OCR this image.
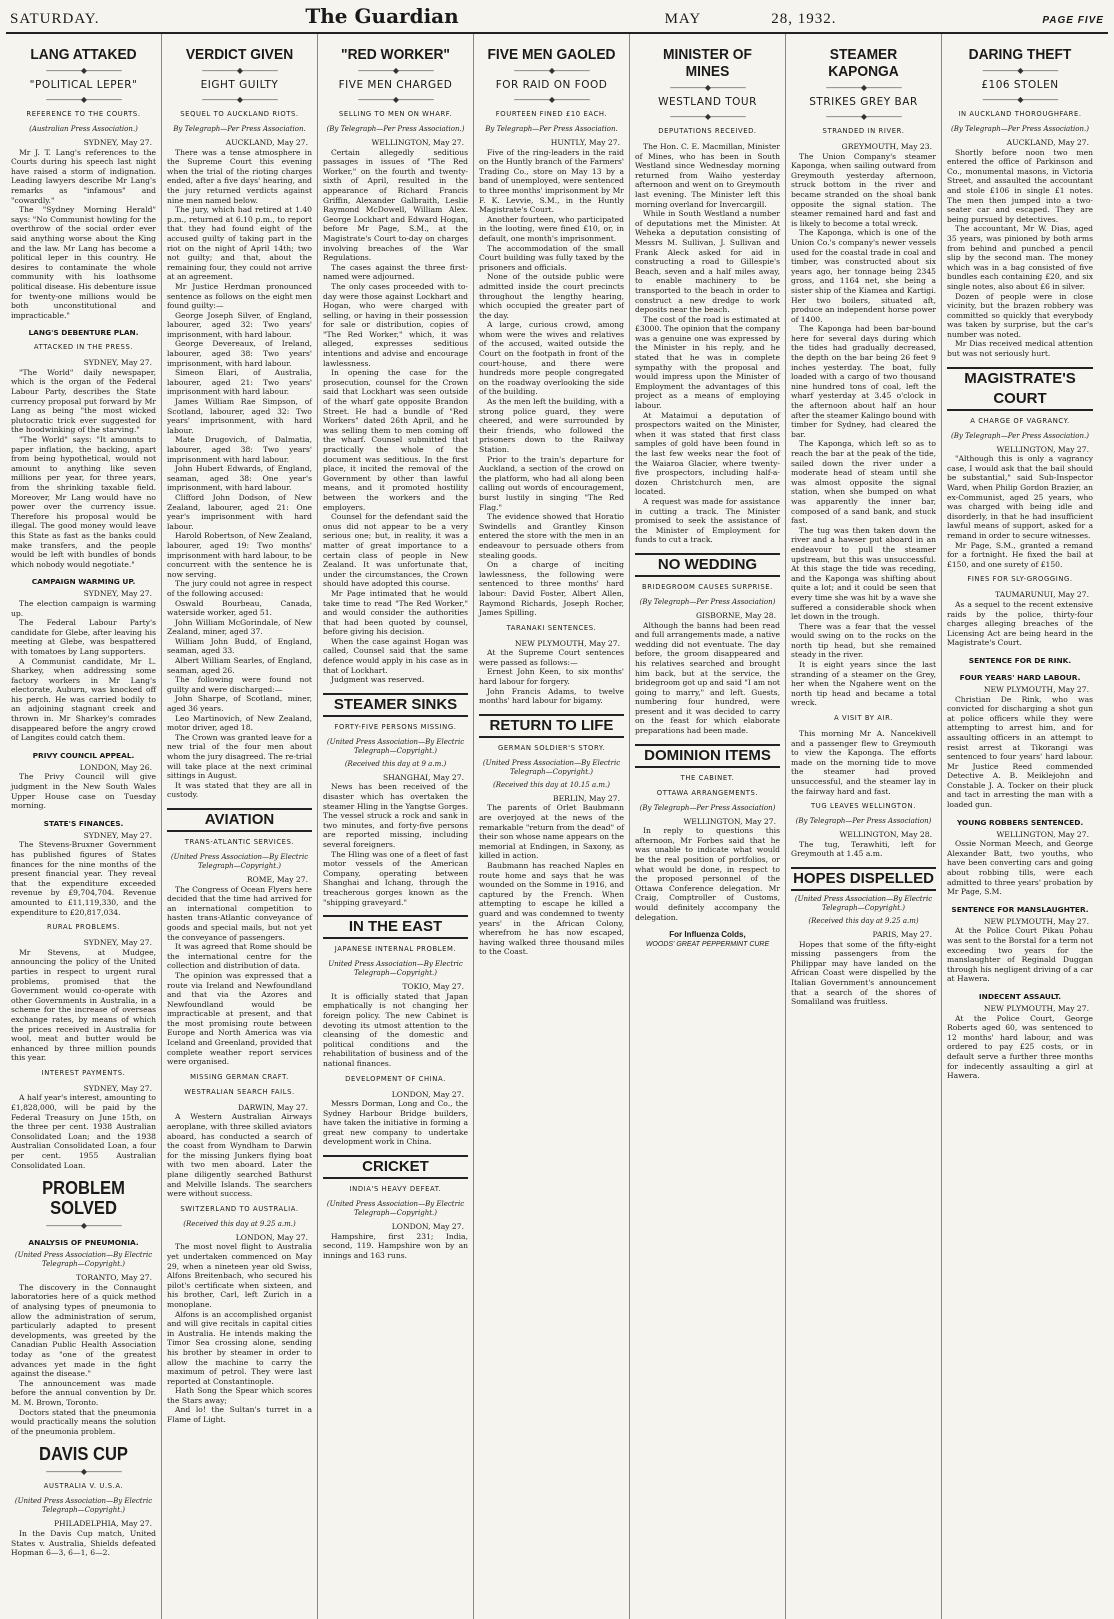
SATURDAY.	The Guardian	MAY	28, 1932.	PAGE FIVE
LANG ATTAKED
—————◆—————
"POLITICAL LEPER"
—————◆—————
REFERENCE TO THE COURTS.
(Australian Press Association.)
SYDNEY, May 27.
Mr J. T. Lang's references to the Courts during his speech last night have raised a storm of indignation. Leading lawyers describe Mr Lang's remarks as "infamous" and "cowardly."
The "Sydney Morning Herald" says: "No Communist howling for the overthrow of the social order ever said anything worse about the King and the law. Mr Lang has become a political leper in this country. He desires to contaminate the whole community with his loathsome political disease. His debenture issue for twenty-one millions would be both unconstitutional and impracticable."
LANG'S DEBENTURE PLAN.
ATTACKED IN THE PRESS.
SYDNEY, May 27.
"The World" daily newspaper, which is the organ of the Federal Labour Party, describes the State currency proposal put forward by Mr Lang as being "the most wicked plutocratic trick ever suggested for the hoodwinking of the starving."
"The World" says: "It amounts to paper inflation, the backing, apart from being hypothetical, would not amount to anything like seven millions per year, for three years, from the shrinking taxable field. Moreover, Mr Lang would have no power over the currency issue. Therefore his proposal would be illegal. The good money would leave this State as fast as the banks could make transfers, and the people would be left with bundles of bonds which nobody would negotiate."
CAMPAIGN WARMING UP.
SYDNEY, May 27.
The election campaign is warming up.
The Federal Labour Party's candidate for Glebe, after leaving his meeting at Glebe, was bespattered with tomatoes by Lang supporters.
A Communist candidate, Mr L. Sharkey, when addressing some factory workers in Mr Lang's electorate, Auburn, was knocked off his perch. He was carried bodily to an adjoining stagnant creek and thrown in. Mr Sharkey's comrades disappeared before the angry crowd of Langites could catch them.
PRIVY COUNCIL APPEAL.
LONDON, May 26.
The Privy Council will give judgment in the New South Wales Upper House case on Tuesday morning.
STATE'S FINANCES.
SYDNEY, May 27.
The Stevens-Bruxner Government has published figures of States finances for the nine months of the present financial year. They reveal that the expenditure exceeded revenue by £9,704,704. Revenue amounted to £11,119,330, and the expenditure to £20,817,034.
RURAL PROBLEMS.
SYDNEY, May 27.
Mr Stevens, at Mudgee, announcing the policy of the United parties in respect to urgent rural problems, promised that the Government would co-operate with other Governments in Australia, in a scheme for the increase of overseas exchange rates, by means of which the prices received in Australia for wool, meat and butter would be enhanced by three million pounds this year.
INTEREST PAYMENTS.
SYDNEY, May 27.
A half year's interest, amounting to £1,828,000, will be paid by the Federal Treasury on June 15th, on the three per cent. 1938 Australian Consolidated Loan; and the 1938 Australian Consolidated Loan, a four per cent. 1955 Australian Consolidated Loan.
PROBLEM SOLVED
—————◆—————
ANALYSIS OF PNEUMONIA.
(United Press Association—By Electric Telegraph—Copyright.)
TORANTO, May 27.
The discovery in the Connaught laboratories here of a quick method of analysing types of pneumonia to allow the administration of serum, particularly adapted to present developments, was greeted by the Canadian Public Health Association today as "one of the greatest advances yet made in the fight against the disease."
The announcement was made before the annual convention by Dr. M. M. Brown, Toronto.
Doctors stated that the pneumonia would practically means the solution of the pneumonia problem.
DAVIS CUP
—————◆—————
AUSTRALIA V. U.S.A.
(United Press Association—By Electric Telegraph—Copyright.)
PHILADELPHIA, May 27.
In the Davis Cup match, United States v. Australia, Shields defeated Hopman 6—3, 6—1, 6—2.
VERDICT GIVEN
—————◆—————
EIGHT GUILTY
—————◆—————
SEQUEL TO AUCKLAND RIOTS.
By Telegraph—Per Press Association.
AUCKLAND, May 27.
There was a tense atmosphere in the Supreme Court this evening when the trial of the rioting charges ended, after a five days' hearing, and the jury returned verdicts against nine men named below.
The jury, which had retired at 1.40 p.m., returned at 6.10 p.m., to report that they had found eight of the accused guilty of taking part in the riot on the night of April 14th; two not guilty; and that, about the remaining four, they could not arrive at an agreement.
Mr Justice Herdman pronounced sentence as follows on the eight men found guilty:—
George Joseph Silver, of England, labourer, aged 32: Two years' imprisonment, with hard labour.
George Devereaux, of Ireland, labourer, aged 38: Two years' imprisonment, with hard labour.
Simeon Elari, of Australia, labourer, aged 21: Two years' imprisonment with hard labour.
James William Rae Simpson, of Scotland, labourer, aged 32: Two years' imprisonment, with hard labour.
Mate Drugovich, of Dalmatia, labourer, aged 38: Two years' imprisonment with hard labour.
John Hubert Edwards, of England, seaman, aged 38: One year's imprisonment, with hard labour.
Clifford John Dodson, of New Zealand, labourer, aged 21: One year's imprisonment with hard labour.
Harold Robertson, of New Zealand, labourer, aged 19: Two months' imprisonment with hard labour, to be concurrent with the sentence he is now serving.
The jury could not agree in respect of the following accused:
Oswald Bourbeau, Canada, waterside worker, aged 51.
John William McGorindale, of New Zealand, miner, aged 37.
William John Budd, of England, seaman, aged 33.
Albert William Searles, of England, seaman, aged 26.
The following were found not guilty and were discharged:—
John Sharpe, of Scotland, miner, aged 36 years.
Leo Martinovich, of New Zealand, motor driver, aged 18.
The Crown was granted leave for a new trial of the four men about whom the jury disagreed. The re-trial will take place at the next criminal sittings in August.
It was stated that they are all in custody.
AVIATION
TRANS-ATLANTIC SERVICES.
(United Press Association—By Electric Telegraph—Copyright.)
ROME, May 27.
The Congress of Ocean Flyers here decided that the time had arrived for an international competition to hasten trans-Atlantic conveyance of goods and special mails, but not yet the conveyance of passengers.
It was agreed that Rome should be the international centre for the collection and distribution of data.
The opinion was expressed that a route via Ireland and Newfoundland and that via the Azores and Newfoundland would be impracticable at present, and that the most promising route between Europe and North America was via Iceland and Greenland, provided that complete weather report services were organised.
MISSING GERMAN CRAFT.
WESTRALIAN SEARCH FAILS.
DARWIN, May 27.
A Western Australian Airways aeroplane, with three skilled aviators aboard, has conducted a search of the coast from Wyndham to Darwin for the missing Junkers flying boat with two men aboard. Later the plane diligently searched Bathurst and Melville Islands. The searchers were without success.
SWITZERLAND TO AUSTRALIA.
(Received this day at 9.25 a.m.)
LONDON, May 27.
The most novel flight to Australia yet undertaken commenced on May 29, when a nineteen year old Swiss, Alfons Breitenbach, who secured his pilot's certificate when sixteen, and his brother, Carl, left Zurich in a monoplane.
Alfons is an accomplished organist and will give recitals in capital cities in Australia. He intends making the Timor Sea crossing alone, sending his brother by steamer in order to allow the machine to carry the maximum of petrol. They were last reported at Constantinople.
Hath Song the Spear which scores the Stars away;
And lo! the Sultan's turret in a Flame of Light.
"RED WORKER"
—————◆—————
FIVE MEN CHARGED
—————◆—————
SELLING TO MEN ON WHARF.
(By Telegraph—Per Press Association.)
WELLINGTON, May 27.
Certain allegedly seditious passages in issues of "The Red Worker," on the fourth and twenty-sixth of April, resulted in the appearance of Richard Francis Griffin, Alexander Galbraith, Leslie Raymond McDowell, William Alex. George Lockhart and Edward Hogan, before Mr Page, S.M., at the Magistrate's Court to-day on charges involving breaches of the War Regulations.
The cases against the three first-named were adjourned.
The only cases proceeded with to-day were those against Lockhart and Hogan, who were charged with selling, or having in their possession for sale or distribution, copies of "The Red Worker," which, it was alleged, expresses seditious intentions and advise and encourage lawlessness.
In opening the case for the prosecution, counsel for the Crown said that Lockhart was seen outside of the wharf gate opposite Brandon Street. He had a bundle of "Red Workers" dated 26th April, and he was selling them to men coming off the wharf. Counsel submitted that practically the whole of the document was seditious. In the first place, it incited the removal of the Government by other than lawful means, and it promoted hostility between the workers and the employers.
Counsel for the defendant said the onus did not appear to be a very serious one; but, in reality, it was a matter of great importance to a certain class of people in New Zealand. It was unfortunate that, under the circumstances, the Crown should have adopted this course.
Mr Page intimated that he would take time to read "The Red Worker," and would consider the authorities that had been quoted by counsel, before giving his decision.
When the case against Hogan was called, Counsel said that the same defence would apply in his case as in that of Lockhart.
Judgment was reserved.
STEAMER SINKS
FORTY-FIVE PERSONS MISSING.
(United Press Association—By Electric Telegraph—Copyright.)
(Received this day at 9 a.m.)
SHANGHAI, May 27.
News has been received of the disaster which has overtaken the steamer Hling in the Yangtse Gorges. The vessel struck a rock and sank in two minutes, and forty-five persons are reported missing, including several foreigners.
The Hling was one of a fleet of fast motor vessels of the American Company, operating between Shanghai and Ichang, through the treacherous gorges known as the "shipping graveyard."
IN THE EAST
JAPANESE INTERNAL PROBLEM.
United Press Association—By Electric Telegraph—Copyright.)
TOKIO, May 27.
It is officially stated that Japan emphatically is not changing her foreign policy. The new Cabinet is devoting its utmost attention to the cleansing of the domestic and political conditions and the rehabilitation of business and of the national finances.
DEVELOPMENT OF CHINA.
LONDON, May 27.
Messrs Dorman, Long and Co., the Sydney Harbour Bridge builders, have taken the initiative in forming a great new company to undertake development work in China.
CRICKET
INDIA'S HEAVY DEFEAT.
(United Press Association—By Electric Telegraph—Copyright.)
LONDON, May 27.
Hampshire, first 231; India, second, 119. Hampshire won by an innings and 163 runs.
FIVE MEN GAOLED
—————◆—————
FOR RAID ON FOOD
—————◆—————
FOURTEEN FINED £10 EACH.
By Telegraph—Per Press Association.
HUNTLY, May 27.
Five of the ring-leaders in the raid on the Huntly branch of the Farmers' Trading Co., store on May 13 by a band of unemployed, were sentenced to three months' imprisonment by Mr F. K. Levvie, S.M., in the Huntly Magistrate's Court.
Another fourteen, who participated in the looting, were fined £10, or, in default, one month's imprisonment.
The accommodation of the small Court building was fully taxed by the prisoners and officials.
None of the outside public were admitted inside the court precincts throughout the lengthy hearing, which occupied the greater part of the day.
A large, curious crowd, among whom were the wives and relatives of the accused, waited outside the Court on the footpath in front of the court-house, and there were hundreds more people congregated on the roadway overlooking the side of the building.
As the men left the building, with a strong police guard, they were cheered, and were surrounded by their friends, who followed the prisoners down to the Railway Station.
Prior to the train's departure for Auckland, a section of the crowd on the platform, who had all along been calling out words of encouragement, burst lustily in singing "The Red Flag."
The evidence showed that Horatio Swindells and Grantley Kinson entered the store with the men in an endeavour to persuade others from stealing goods.
On a charge of inciting lawlessness, the following were sentenced to three months' hard labour: David Foster, Albert Allen, Raymond Richards, Joseph Rocher, James Spilling.
TARANAKI SENTENCES.
NEW PLYMOUTH, May 27.
At the Supreme Court sentences were passed as follows:—
Ernest John Keen, to six months' hard labour for forgery.
John Francis Adams, to twelve months' hard labour for bigamy.
RETURN TO LIFE
GERMAN SOLDIER'S STORY.
(United Press Association—By Electric Telegraph—Copyright.)
(Received this day at 10.15 a.m.)
BERLIN, May 27.
The parents of Orlet Baubmann are overjoyed at the news of the remarkable "return from the dead" of their son whose name appears on the memorial at Endingen, in Saxony, as killed in action.
Baubmann has reached Naples en route home and says that he was wounded on the Somme in 1916, and captured by the French. When attempting to escape he killed a guard and was condemned to twenty years' in the African Colony, wherefrom he has now escaped, having walked three thousand miles to the Coast.
MINISTER OF MINES
—————◆—————
WESTLAND TOUR
—————◆—————
DEPUTATIONS RECEIVED.
The Hon. C. E. Macmillan, Minister of Mines, who has been in South Westland since Wednesday morning returned from Waiho yesterday afternoon and went on to Greymouth last evening. The Minister left this morning overland for Invercargill.
While in South Westland a number of deputations met the Minister. At Weheka a deputation consisting of Messrs M. Sullivan, J. Sullivan and Frank Aleck asked for aid in constructing a road to Gillespie's Beach, seven and a half miles away, to enable machinery to be transported to the beach in order to construct a new dredge to work deposits near the beach.
The cost of the road is estimated at £3000. The opinion that the company was a genuine one was expressed by the Minister in his reply, and he stated that he was in complete sympathy with the proposal and would impress upon the Minister of Employment the advantages of this project as a means of employing labour.
At Mataimui a deputation of prospectors waited on the Minister, when it was stated that first class samples of gold have been found in the last few weeks near the foot of the Waiaroa Glacier, where twenty-five prospectors, including half-a-dozen Christchurch men, are located.
A request was made for assistance in cutting a track. The Minister promised to seek the assistance of the Minister of Employment for funds to cut a track.
NO WEDDING
BRIDEGROOM CAUSES SURPRISE.
(By Telegraph—Per Press Association)
GISBORNE, May 28.
Although the banns had been read and full arrangements made, a native wedding did not eventuate. The day before, the groom disappeared and his relatives searched and brought him back, but at the service, the bridegroom got up and said "I am not going to marry," and left. Guests, numbering four hundred, were present and it was decided to carry on the feast for which elaborate preparations had been made.
DOMINION ITEMS
THE CABINET.
OTTAWA ARRANGEMENTS.
(By Telegraph—Per Press Association)
WELLINGTON, May 27.
In reply to questions this afternoon, Mr Forbes said that he was unable to indicate what would be the real position of portfolios, or what would be done, in respect to the proposed personnel of the Ottawa Conference delegation. Mr Craig, Comptroller of Customs, would definitely accompany the delegation.
For Influenza Colds,
WOODS' GREAT PEPPERMINT CURE
STEAMER KAPONGA
—————◆—————
STRIKES GREY BAR
—————◆—————
STRANDED IN RIVER.
GREYMOUTH, May 23.
The Union Company's steamer Kaponga, when sailing outward from Greymouth yesterday afternoon, struck bottom in the river and became stranded on the shoal bank opposite the signal station. The steamer remained hard and fast and is likely to become a total wreck.
The Kaponga, which is one of the Union Co.'s company's newer vessels used for the coastal trade in coal and timber, was constructed about six years ago, her tonnage being 2345 gross, and 1164 net, she being a sister ship of the Kiamea and Kartigi. Her two boilers, situated aft, produce an independent horse power of 1400.
The Kaponga had been bar-bound here for several days during which the tides had gradually decreased, the depth on the bar being 26 feet 9 inches yesterday. The boat, fully loaded with a cargo of two thousand nine hundred tons of coal, left the wharf yesterday at 3.45 o'clock in the afternoon about half an hour after the steamer Kalingo bound with timber for Sydney, had cleared the bar.
The Kaponga, which left so as to reach the bar at the peak of the tide, sailed down the river under a moderate head of steam until she was almost opposite the signal station, when she bumped on what was apparently the inner bar, composed of a sand bank, and stuck fast.
The tug was then taken down the river and a hawser put aboard in an endeavour to pull the steamer upstream, but this was unsuccessful. At this stage the tide was receding, and the Kaponga was shifting about quite a lot; and it could be seen that every time she was hit by a wave she suffered a considerable shock when let down in the trough.
There was a fear that the vessel would swing on to the rocks on the north tip head, but she remained steady in the river.
It is eight years since the last stranding of a steamer on the Grey, her when the Ngahere went on the north tip head and became a total wreck.
A VISIT BY AIR.
This morning Mr A. Nancekivell and a passenger flew to Greymouth to view the Kaponga. The efforts made on the morning tide to move the steamer had proved unsuccessful, and the steamer lay in the fairway hard and fast.
TUG LEAVES WELLINGTON.
(By Telegraph—Per Press Association)
WELLINGTON, May 28.
The tug, Terawhiti, left for Greymouth at 1.45 a.m.
HOPES DISPELLED
(United Press Association—By Electric Telegraph—Copyright.)
(Received this day at 9.25 a.m)
PARIS, May 27.
Hopes that some of the fifty-eight missing passengers from the Philippar may have landed on the African Coast were dispelled by the Italian Government's announcement that a search of the shores of Somaliland was fruitless.
DARING THEFT
—————◆—————
£106 STOLEN
—————◆—————
IN AUCKLAND THOROUGHFARE.
(By Telegraph—Per Press Association.)
AUCKLAND, May 27.
Shortly before noon two men entered the office of Parkinson and Co., monumental masons, in Victoria Street, and assaulted the accountant and stole £106 in single £1 notes. The men then jumped into a two-seater car and escaped. They are being pursued by detectives.
The accountant, Mr W. Dias, aged 35 years, was pinioned by both arms from behind and punched a pencil slip by the second man. The money which was in a bag consisted of five bundles each containing £20, and six single notes, also about £6 in silver.
Dozen of people were in close vicinity, but the brazen robbery was committed so quickly that everybody was taken by surprise, but the car's number was noted.
Mr Dias received medical attention but was not seriously hurt.
MAGISTRATE'S COURT
A CHARGE OF VAGRANCY.
(By Telegraph—Per Press Association.)
WELLINGTON, May 27.
"Although this is only a vagrancy case, I would ask that the bail should be substantial," said Sub-Inspector Ward, when Philip Gordon Brazier, an ex-Communist, aged 25 years, who was charged with being idle and disorderly, in that he had insufficient lawful means of support, asked for a remand in order to secure witnesses.
Mr Page, S.M., granted a remand for a fortnight. He fixed the bail at £150, and one surety of £150.
FINES FOR SLY-GROGGING.
TAUMARUNUI, May 27.
As a sequel to the recent extensive raids by the police, thirty-four charges alleging breaches of the Licensing Act are being heard in the Magistrate's Court.
SENTENCE FOR DE RINK.
FOUR YEARS' HARD LABOUR.
NEW PLYMOUTH, May 27.
Christian De Rink, who was convicted for discharging a shot gun at police officers while they were attempting to arrest him, and for assaulting officers in an attempt to resist arrest at Tikorangi was sentenced to four years' hard labour. Mr Justice Reed commended Detective A. B. Meiklejohn and Constable J. A. Tocker on their pluck and tact in arresting the man with a loaded gun.
YOUNG ROBBERS SENTENCED.
WELLINGTON, May 27.
Ossie Norman Meech, and George Alexander Batt, two youths, who have been converting cars and going about robbing tills, were each admitted to three years' probation by Mr Page, S.M.
SENTENCE FOR MANSLAUGHTER.
NEW PLYMOUTH, May 27.
At the Police Court Pikau Pohau was sent to the Borstal for a term not exceeding two years for the manslaughter of Reginald Duggan through his negligent driving of a car at Hawera.
INDECENT ASSAULT.
NEW PLYMOUTH, May 27.
At the Police Court, George Roberts aged 60, was sentenced to 12 months' hard labour, and was ordered to pay £25 costs, or in default serve a further three months for indecently assaulting a girl at Hawera.
